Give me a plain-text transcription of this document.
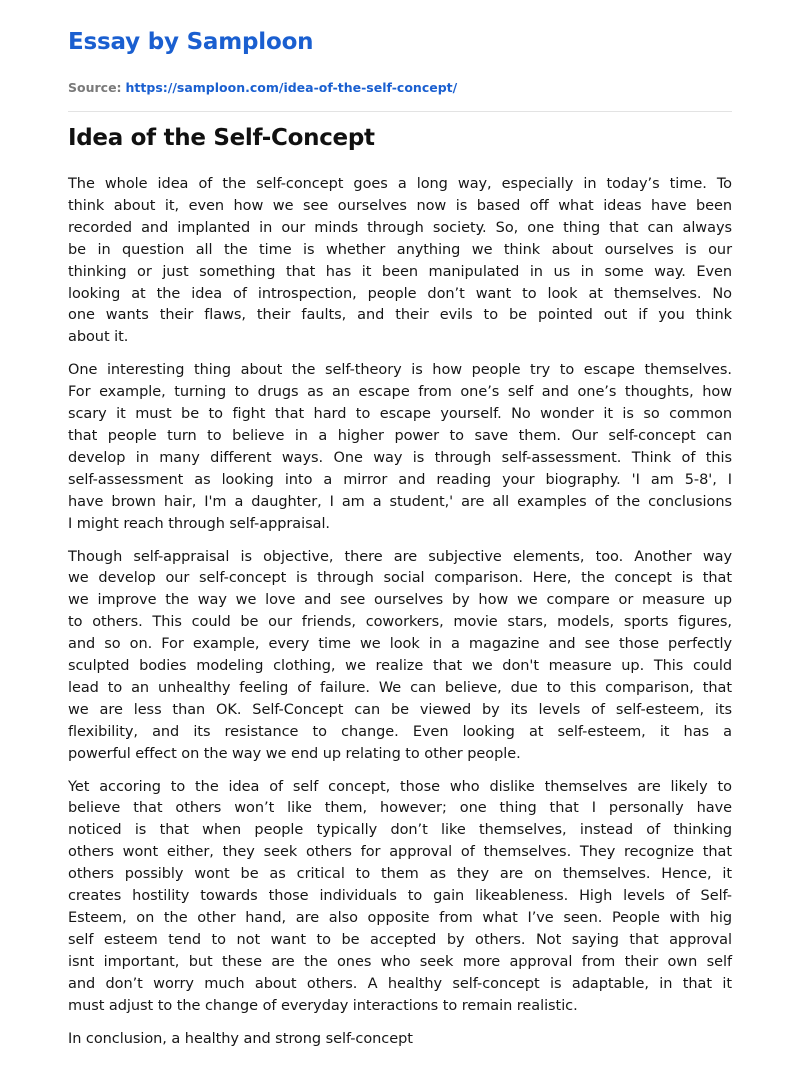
Essay by Samploon
Source: https://samploon.com/idea-of-the-self-concept/
Idea of the Self-Concept

The whole idea of the self-concept goes a long way, especially in today’s time. To
think about it, even how we see ourselves now is based off what ideas have been
recorded and implanted in our minds through society. So, one thing that can always
be in question all the time is whether anything we think about ourselves is our
thinking or just something that has it been manipulated in us in some way. Even
looking at the idea of introspection, people don’t want to look at themselves. No
one wants their flaws, their faults, and their evils to be pointed out if you think
about it.

One interesting thing about the self-theory is how people try to escape themselves.
For example, turning to drugs as an escape from one’s self and one’s thoughts, how
scary it must be to fight that hard to escape yourself. No wonder it is so common
that people turn to believe in a higher power to save them. Our self-concept can
develop in many different ways. One way is through self-assessment. Think of this
self-assessment as looking into a mirror and reading your biography. 'I am 5-8', I
have brown hair, I'm a daughter, I am a student,' are all examples of the conclusions
I might reach through self-appraisal.

Though self-appraisal is objective, there are subjective elements, too. Another way
we develop our self-concept is through social comparison. Here, the concept is that
we improve the way we love and see ourselves by how we compare or measure up
to others. This could be our friends, coworkers, movie stars, models, sports figures,
and so on. For example, every time we look in a magazine and see those perfectly
sculpted bodies modeling clothing, we realize that we don't measure up. This could
lead to an unhealthy feeling of failure. We can believe, due to this comparison, that
we are less than OK. Self-Concept can be viewed by its levels of self-esteem, its
flexibility, and its resistance to change. Even looking at self-esteem, it has a
powerful effect on the way we end up relating to other people.

Yet accoring to the idea of self concept, those who dislike themselves are likely to
believe that others won’t like them, however; one thing that I personally have
noticed is that when people typically don’t like themselves, instead of thinking
others wont either, they seek others for approval of themselves. They recognize that
others possibly wont be as critical to them as they are on themselves. Hence, it
creates hostility towards those individuals to gain likeableness. High levels of Self-
Esteem, on the other hand, are also opposite from what I’ve seen. People with hig
self esteem tend to not want to be accepted by others. Not saying that approval
isnt important, but these are the ones who seek more approval from their own self
and don’t worry much about others. A healthy self-concept is adaptable, in that it
must adjust to the change of everyday interactions to remain realistic.

In conclusion, a healthy and strong self-concept
